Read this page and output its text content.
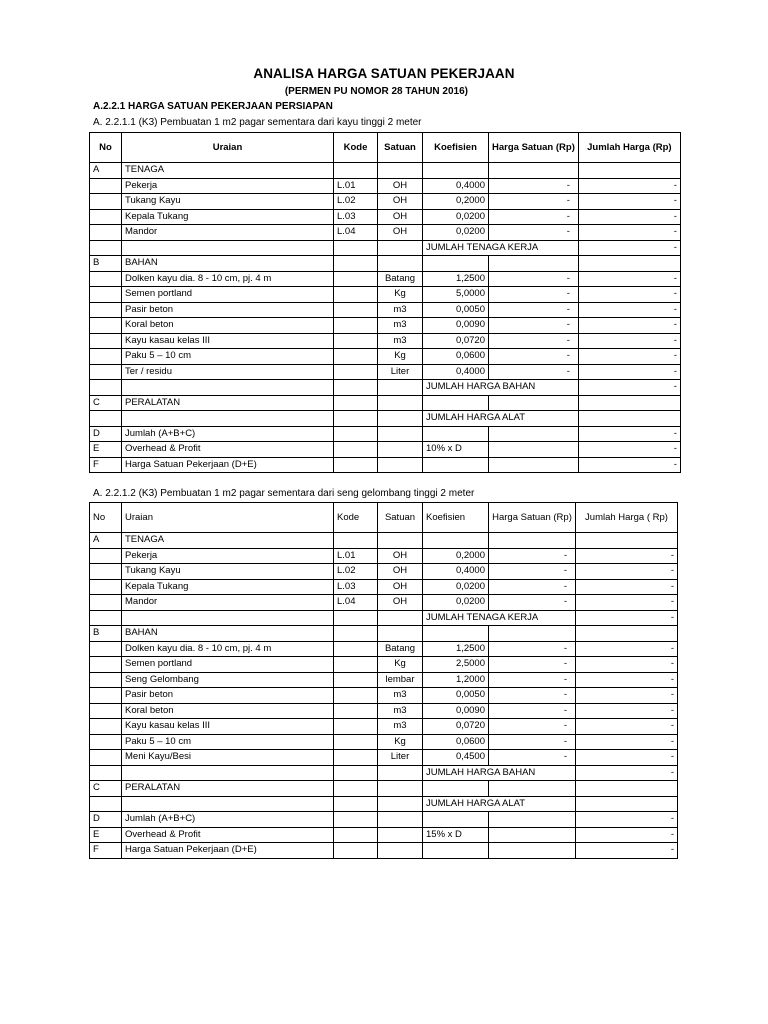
ANALISA HARGA SATUAN PEKERJAAN
(PERMEN PU NOMOR 28 TAHUN 2016)
A.2.2.1 HARGA SATUAN PEKERJAAN PERSIAPAN
A. 2.2.1.1 (K3) Pembuatan 1 m2 pagar sementara dari kayu tinggi 2 meter
No	Uraian	Kode	Satuan	Koefisien	Harga Satuan (Rp)	Jumlah Harga (Rp)
A	TENAGA					
	Pekerja	L.01	OH	0,4000	-	-
	Tukang Kayu	L.02	OH	0,2000	-	-
	Kepala Tukang	L.03	OH	0,0200	-	-
	Mandor	L.04	OH	0,0200	-	-
				JUMLAH TENAGA KERJA		-
B	BAHAN					
	Dolken kayu dia. 8 - 10 cm, pj. 4 m		Batang	1,2500	-	-
	Semen portland		Kg	5,0000	-	-
	Pasir beton		m3	0,0050	-	-
	Koral beton		m3	0,0090	-	-
	Kayu kasau kelas III		m3	0,0720	-	-
	Paku 5 – 10 cm		Kg	0,0600	-	-
	Ter / residu		Liter	0,4000	-	-
				JUMLAH HARGA BAHAN		-
C	PERALATAN					
				JUMLAH HARGA ALAT		
D	Jumlah (A+B+C)					-
E	Overhead & Profit			10% x D		-
F	Harga Satuan Pekerjaan (D+E)					-
A. 2.2.1.2 (K3) Pembuatan 1 m2 pagar sementara dari seng gelombang tinggi 2 meter
No	Uraian	Kode	Satuan	Koefisien	Harga Satuan (Rp)	Jumlah Harga ( Rp)
A	TENAGA					
	Pekerja	L.01	OH	0,2000	-	-
	Tukang Kayu	L.02	OH	0,4000	-	-
	Kepala Tukang	L.03	OH	0,0200	-	-
	Mandor	L.04	OH	0,0200	-	-
				JUMLAH TENAGA KERJA		-
B	BAHAN					
	Dolken kayu dia. 8 - 10 cm, pj. 4 m		Batang	1,2500	-	-
	Semen portland		Kg	2,5000	-	-
	Seng Gelombang		lembar	1,2000	-	-
	Pasir beton		m3	0,0050	-	-
	Koral beton		m3	0,0090	-	-
	Kayu kasau kelas III		m3	0,0720	-	-
	Paku 5 – 10 cm		Kg	0,0600	-	-
	Meni Kayu/Besi		Liter	0,4500	-	-
				JUMLAH HARGA BAHAN		-
C	PERALATAN					
				JUMLAH HARGA ALAT		
D	Jumlah (A+B+C)					-
E	Overhead & Profit			15% x D		-
F	Harga Satuan Pekerjaan (D+E)					-
